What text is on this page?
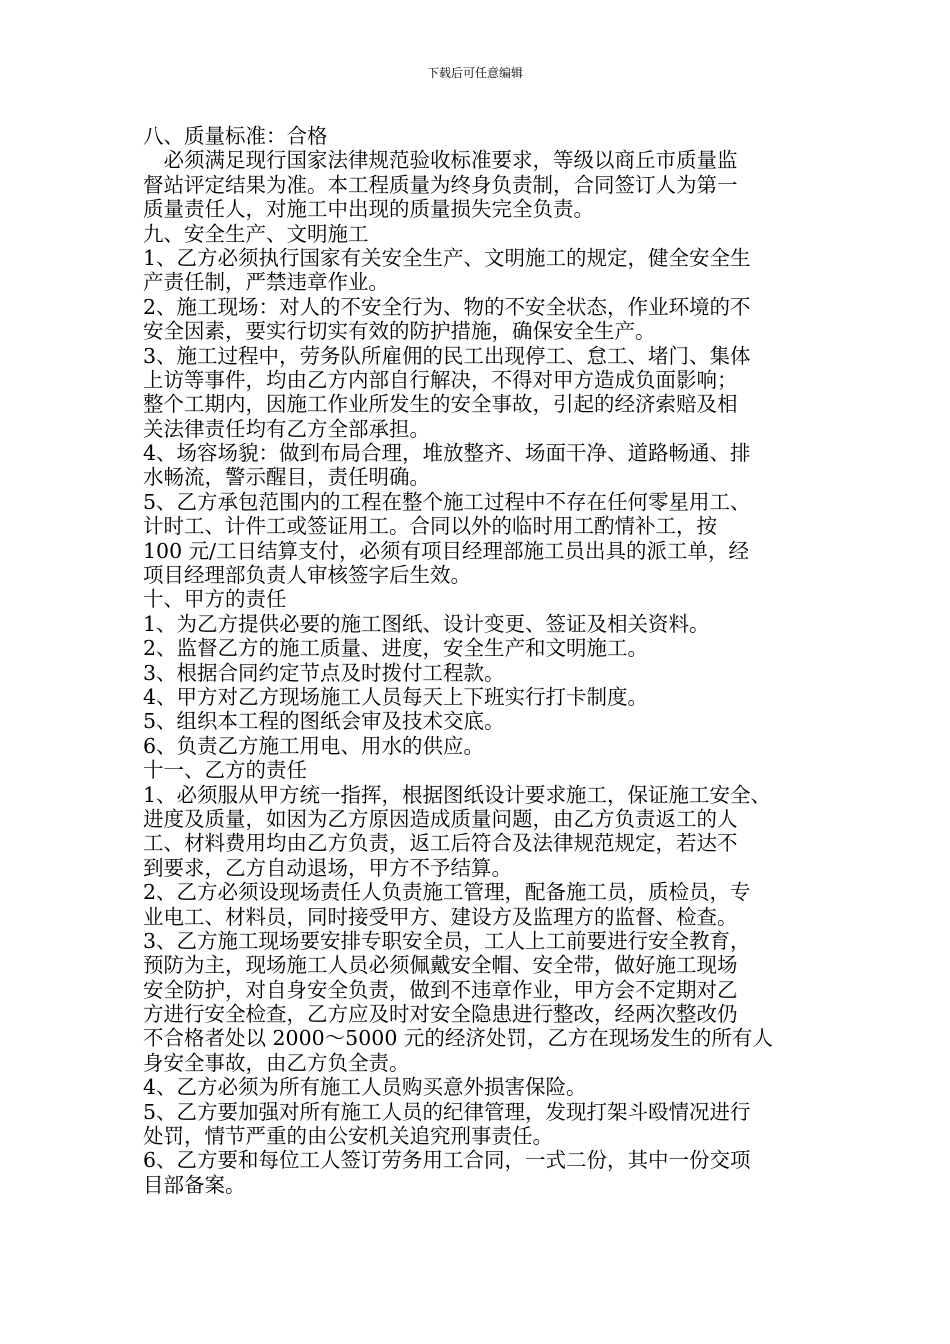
下载后可任意编辑
八、质量标准：合格
　必须满足现行国家法律规范验收标准要求，等级以商丘市质量监
督站评定结果为准。本工程质量为终身负责制，合同签订人为第一
质量责任人，对施工中出现的质量损失完全负责。
九、安全生产、文明施工
1、乙方必须执行国家有关安全生产、文明施工的规定，健全安全生
产责任制，严禁违章作业。
2、施工现场：对人的不安全行为、物的不安全状态，作业环境的不
安全因素，要实行切实有效的防护措施，确保安全生产。
3、施工过程中，劳务队所雇佣的民工出现停工、怠工、堵门、集体
上访等事件，均由乙方内部自行解决，不得对甲方造成负面影响；
整个工期内，因施工作业所发生的安全事故，引起的经济索赔及相
关法律责任均有乙方全部承担。
4、场容场貌：做到布局合理，堆放整齐、场面干净、道路畅通、排
水畅流，警示醒目，责任明确。
5、乙方承包范围内的工程在整个施工过程中不存在任何零星用工、
计时工、计件工或签证用工。合同以外的临时用工酌情补工，按
100 元/工日结算支付，必须有项目经理部施工员出具的派工单，经
项目经理部负责人审核签字后生效。
十、甲方的责任
1、为乙方提供必要的施工图纸、设计变更、签证及相关资料。
2、监督乙方的施工质量、进度，安全生产和文明施工。
3、根据合同约定节点及时拨付工程款。
4、甲方对乙方现场施工人员每天上下班实行打卡制度。
5、组织本工程的图纸会审及技术交底。
6、负责乙方施工用电、用水的供应。
十一、乙方的责任
1、必须服从甲方统一指挥，根据图纸设计要求施工，保证施工安全、
进度及质量，如因为乙方原因造成质量问题，由乙方负责返工的人
工、材料费用均由乙方负责，返工后符合及法律规范规定，若达不
到要求，乙方自动退场，甲方不予结算。
2、乙方必须设现场责任人负责施工管理，配备施工员，质检员，专
业电工、材料员，同时接受甲方、建设方及监理方的监督、检查。
3、乙方施工现场要安排专职安全员，工人上工前要进行安全教育，
预防为主，现场施工人员必须佩戴安全帽、安全带，做好施工现场
安全防护，对自身安全负责，做到不违章作业，甲方会不定期对乙
方进行安全检查，乙方应及时对安全隐患进行整改，经两次整改仍
不合格者处以 2000～5000 元的经济处罚，乙方在现场发生的所有人
身安全事故，由乙方负全责。
4、乙方必须为所有施工人员购买意外损害保险。
5、乙方要加强对所有施工人员的纪律管理，发现打架斗殴情况进行
处罚，情节严重的由公安机关追究刑事责任。
6、乙方要和每位工人签订劳务用工合同，一式二份，其中一份交项
目部备案。
